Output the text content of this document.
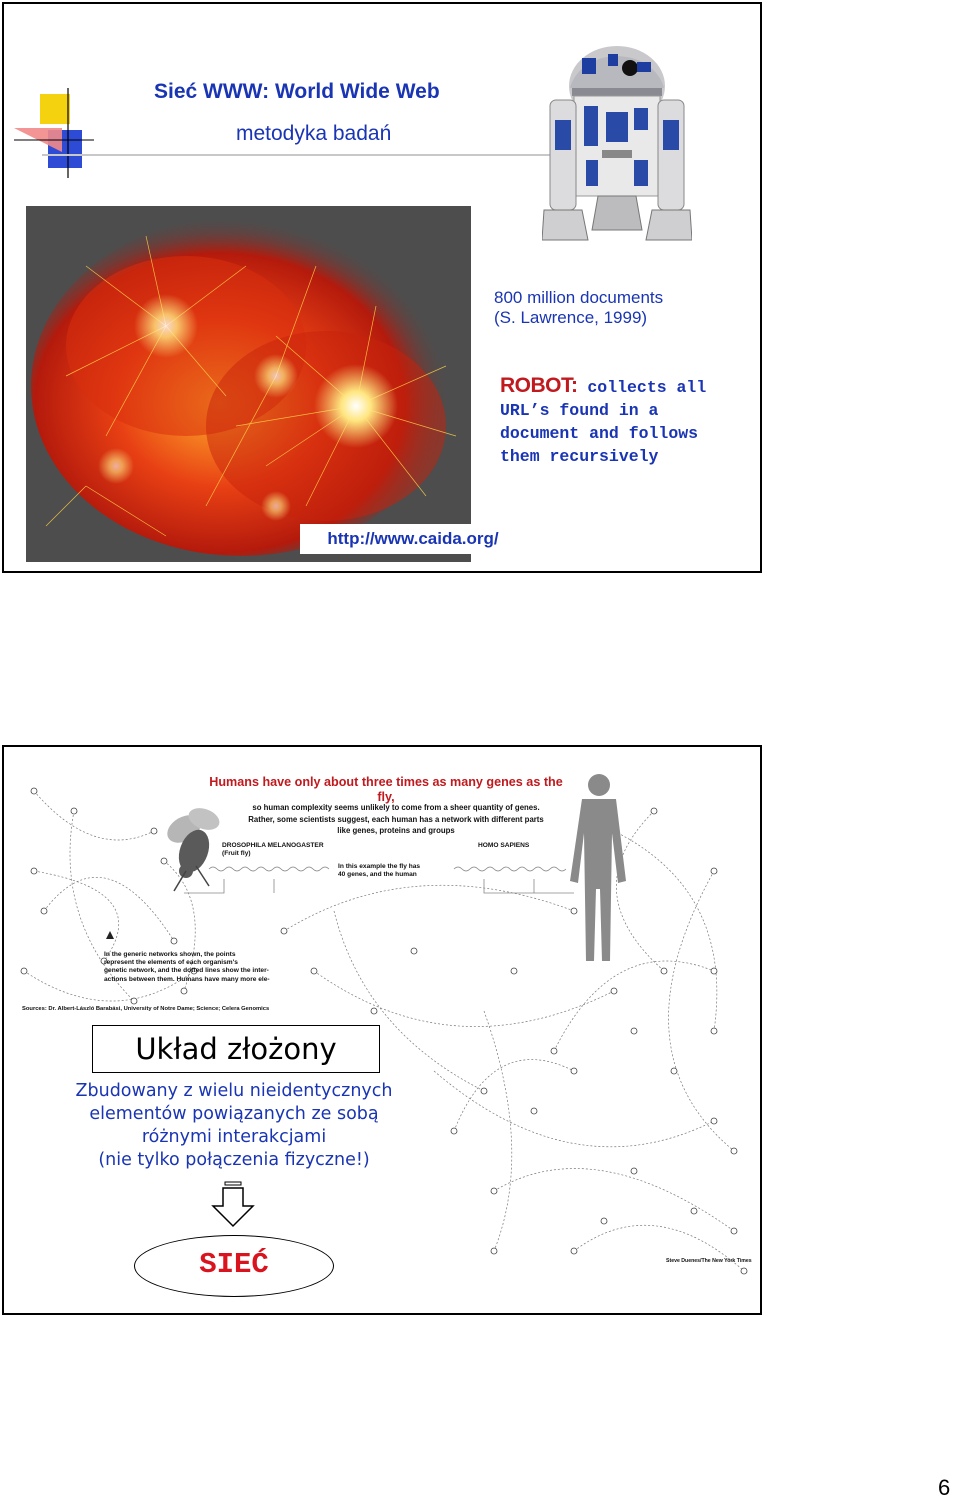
Sieć WWW: World Wide Web
metodyka badań
800 million documents
(S. Lawrence, 1999)
ROBOT: collects all
URL’s found in a
document and follows
them recursively
http://www.caida.org/
Humans have only about three times as many genes as the
fly,
so human complexity seems unlikely to come from a sheer quantity of genes.
Rather, some scientists suggest, each human has a network with different parts
like genes, proteins and groups
DROSOPHILA MELANOGASTER
(Fruit fly)
HOMO SAPIENS
In this example the fly has
40 genes, and the human
In the generic networks shown, the points
represent the elements of each organism's
genetic network, and the dotted lines show the inter-
actions between them. Humans have many more ele-
Sources: Dr. Albert-László Barabási, University of Notre Dame; Science; Celera Genomics
Steve Duenes/The New York Times
Układ złożony
Zbudowany z wielu nieidentycznych
elementów powiązanych ze sobą
różnymi interakcjami
(nie tylko połączenia fizyczne!)
SIEĆ
6
